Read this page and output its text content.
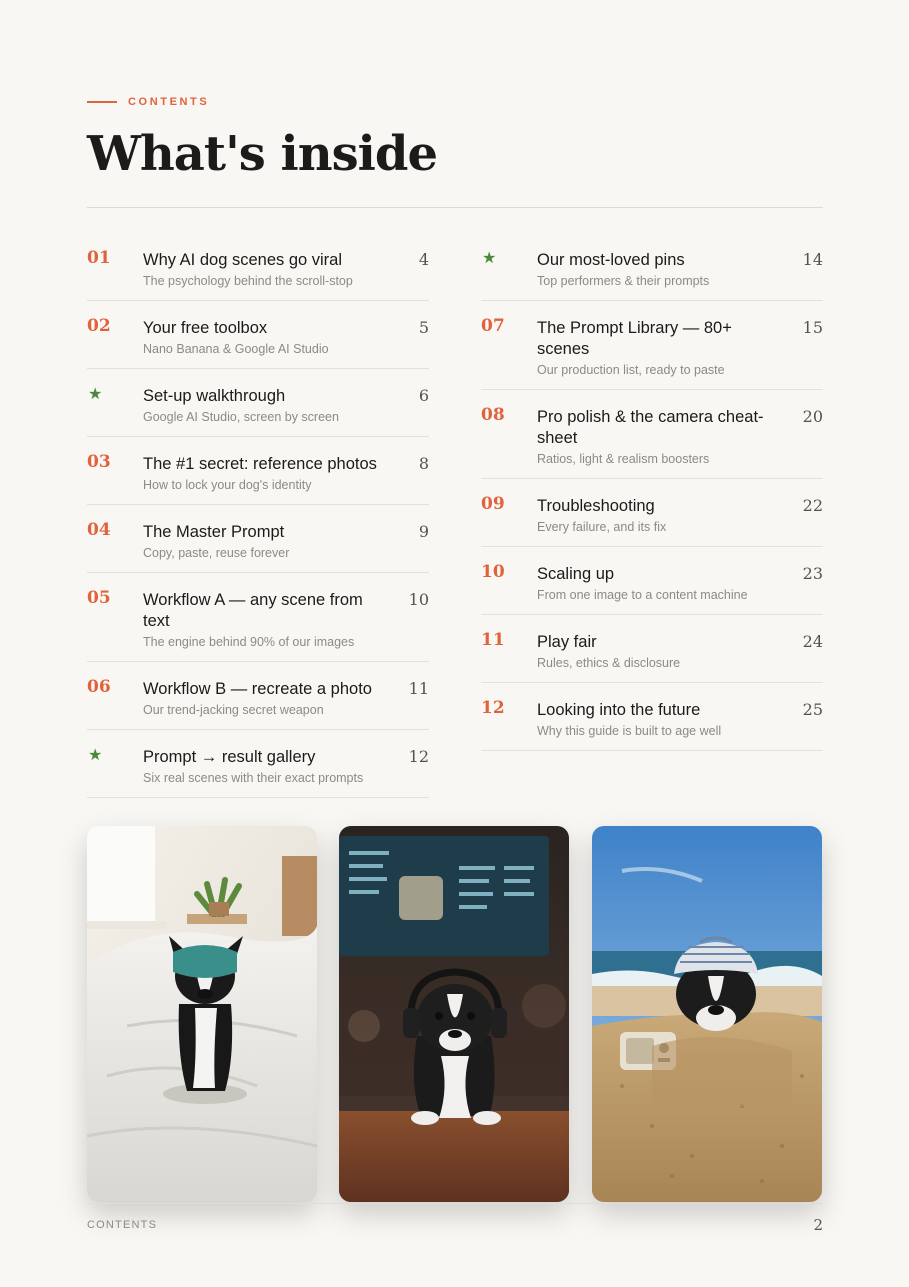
CONTENTS
What's inside
01 Why AI dog scenes go viral
The psychology behind the scroll-stop
4
02 Your free toolbox
Nano Banana & Google AI Studio
5
★ Set-up walkthrough
Google AI Studio, screen by screen
6
03 The #1 secret: reference photos
How to lock your dog's identity
8
04 The Master Prompt
Copy, paste, reuse forever
9
05 Workflow A — any scene from text
The engine behind 90% of our images
10
06 Workflow B — recreate a photo
Our trend-jacking secret weapon
11
★ Prompt → result gallery
Six real scenes with their exact prompts
12
★ Our most-loved pins
Top performers & their prompts
14
07 The Prompt Library — 80+ scenes
Our production list, ready to paste
15
08 Pro polish & the camera cheat-sheet
Ratios, light & realism boosters
20
09 Troubleshooting
Every failure, and its fix
22
10 Scaling up
From one image to a content machine
23
11 Play fair
Rules, ethics & disclosure
24
12 Looking into the future
Why this guide is built to age well
25
CONTENTS	2
